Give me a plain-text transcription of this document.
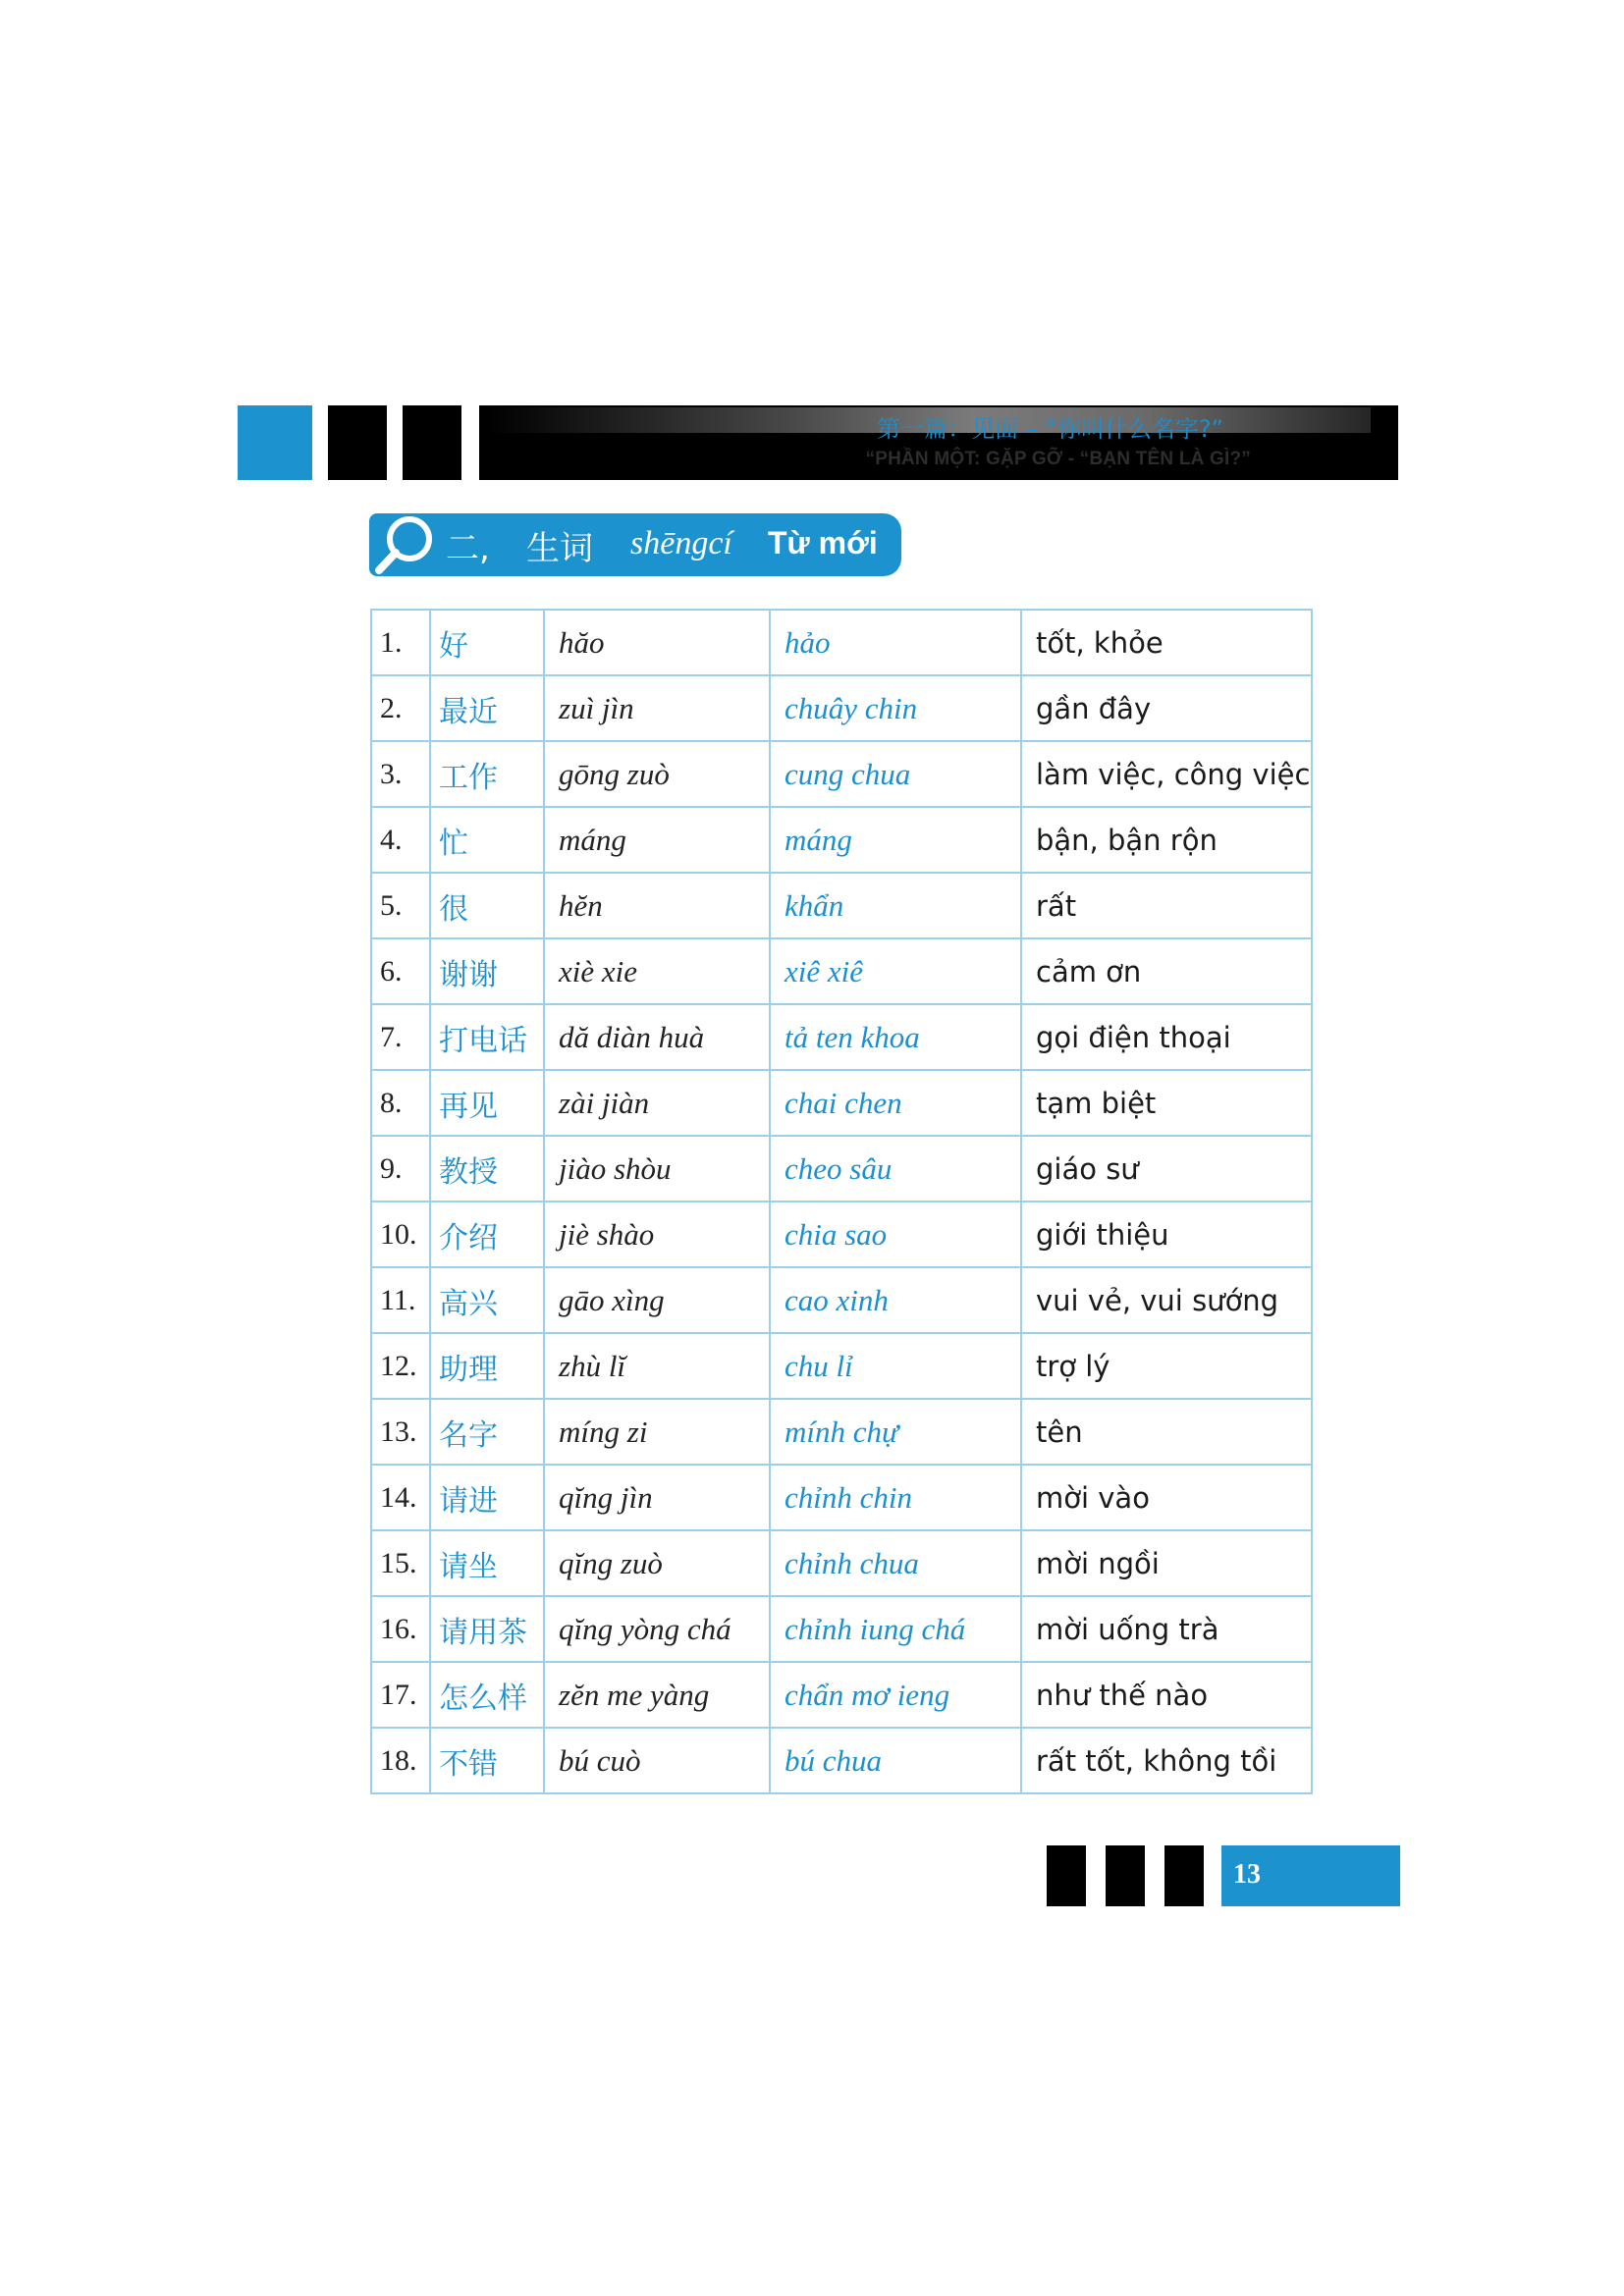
第一篇：见面 – “你叫什么名字?”
“PHẦN MỘT: GẶP GỠ - “BẠN TÊN LÀ GÌ?”
二, 生词 shēngcí Từ mới
1.	好	hăo	hảo	tốt, khỏe
2.	最近	zuì jìn	chuây chin	gần đây
3.	工作	gōng zuò	cung chua	làm việc, công việc
4.	忙	máng	máng	bận, bận rộn
5.	很	hĕn	khẩn	rất
6.	谢谢	xiè xie	xiê xiê	cảm ơn
7.	打电话	dă diàn huà	tả ten khoa	gọi điện thoại
8.	再见	zài jiàn	chai chen	tạm biệt
9.	教授	jiào shòu	cheo sâu	giáo sư
10.	介绍	jiè shào	chia sao	giới thiệu
11.	高兴	gāo xìng	cao xinh	vui vẻ, vui sướng
12.	助理	zhù lĭ	chu lỉ	trợ lý
13.	名字	míng zi	mính chự	tên
14.	请进	qĭng jìn	chỉnh chin	mời vào
15.	请坐	qĭng zuò	chỉnh chua	mời ngồi
16.	请用茶	qĭng yòng chá	chỉnh iung chá	mời uống trà
17.	怎么样	zĕn me yàng	chẩn mơ ieng	như thế nào
18.	不错	bú cuò	bú chua	rất tốt, không tồi
13
